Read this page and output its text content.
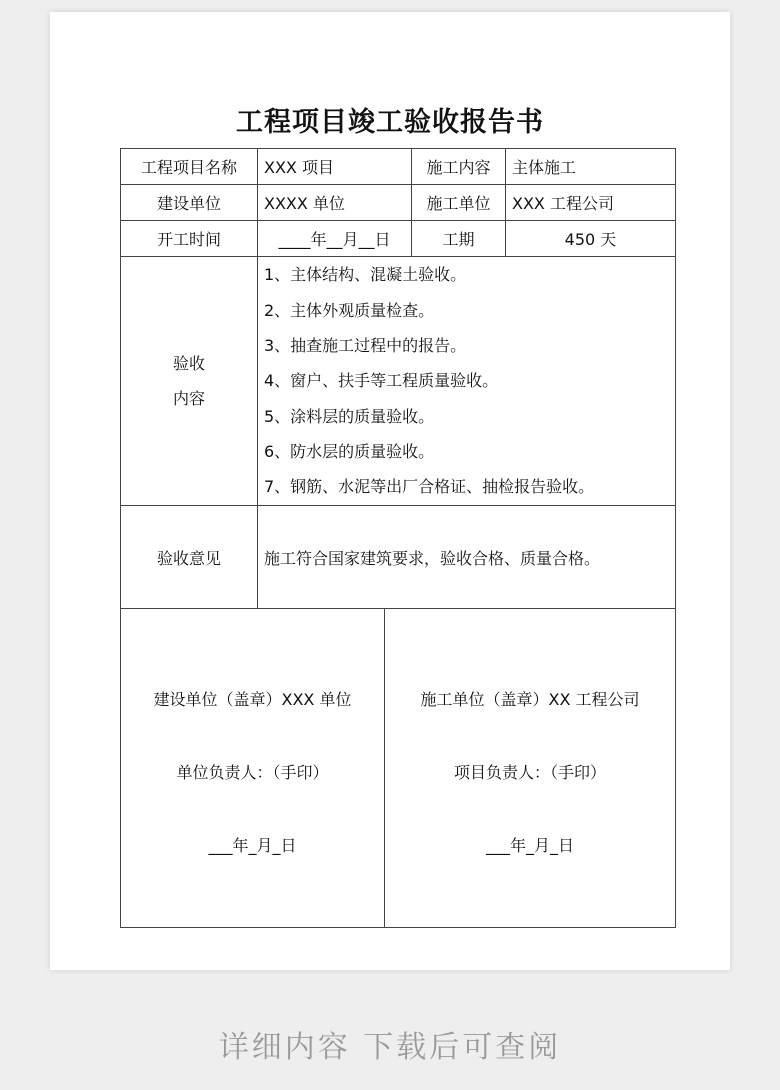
工程项目竣工验收报告书
工程项目名称	XXX 项目	施工内容	主体施工
建设单位	XXXX 单位	施工单位	XXX 工程公司
开工时间	____年__月__日	工期	450 天

验收
内容

1、主体结构、混凝土验收。
2、主体外观质量检查。
3、抽查施工过程中的报告。
4、窗户、扶手等工程质量验收。
5、涂料层的质量验收。
6、防水层的质量验收。
7、钢筋、水泥等出厂合格证、抽检报告验收。

验收意见	施工符合国家建筑要求，验收合格、质量合格。

建设单位（盖章）XXX 单位
单位负责人：（手印）
___年_月_日

施工单位（盖章）XX 工程公司
项目负责人：（手印）
___年_月_日
详细内容 下载后可查阅
